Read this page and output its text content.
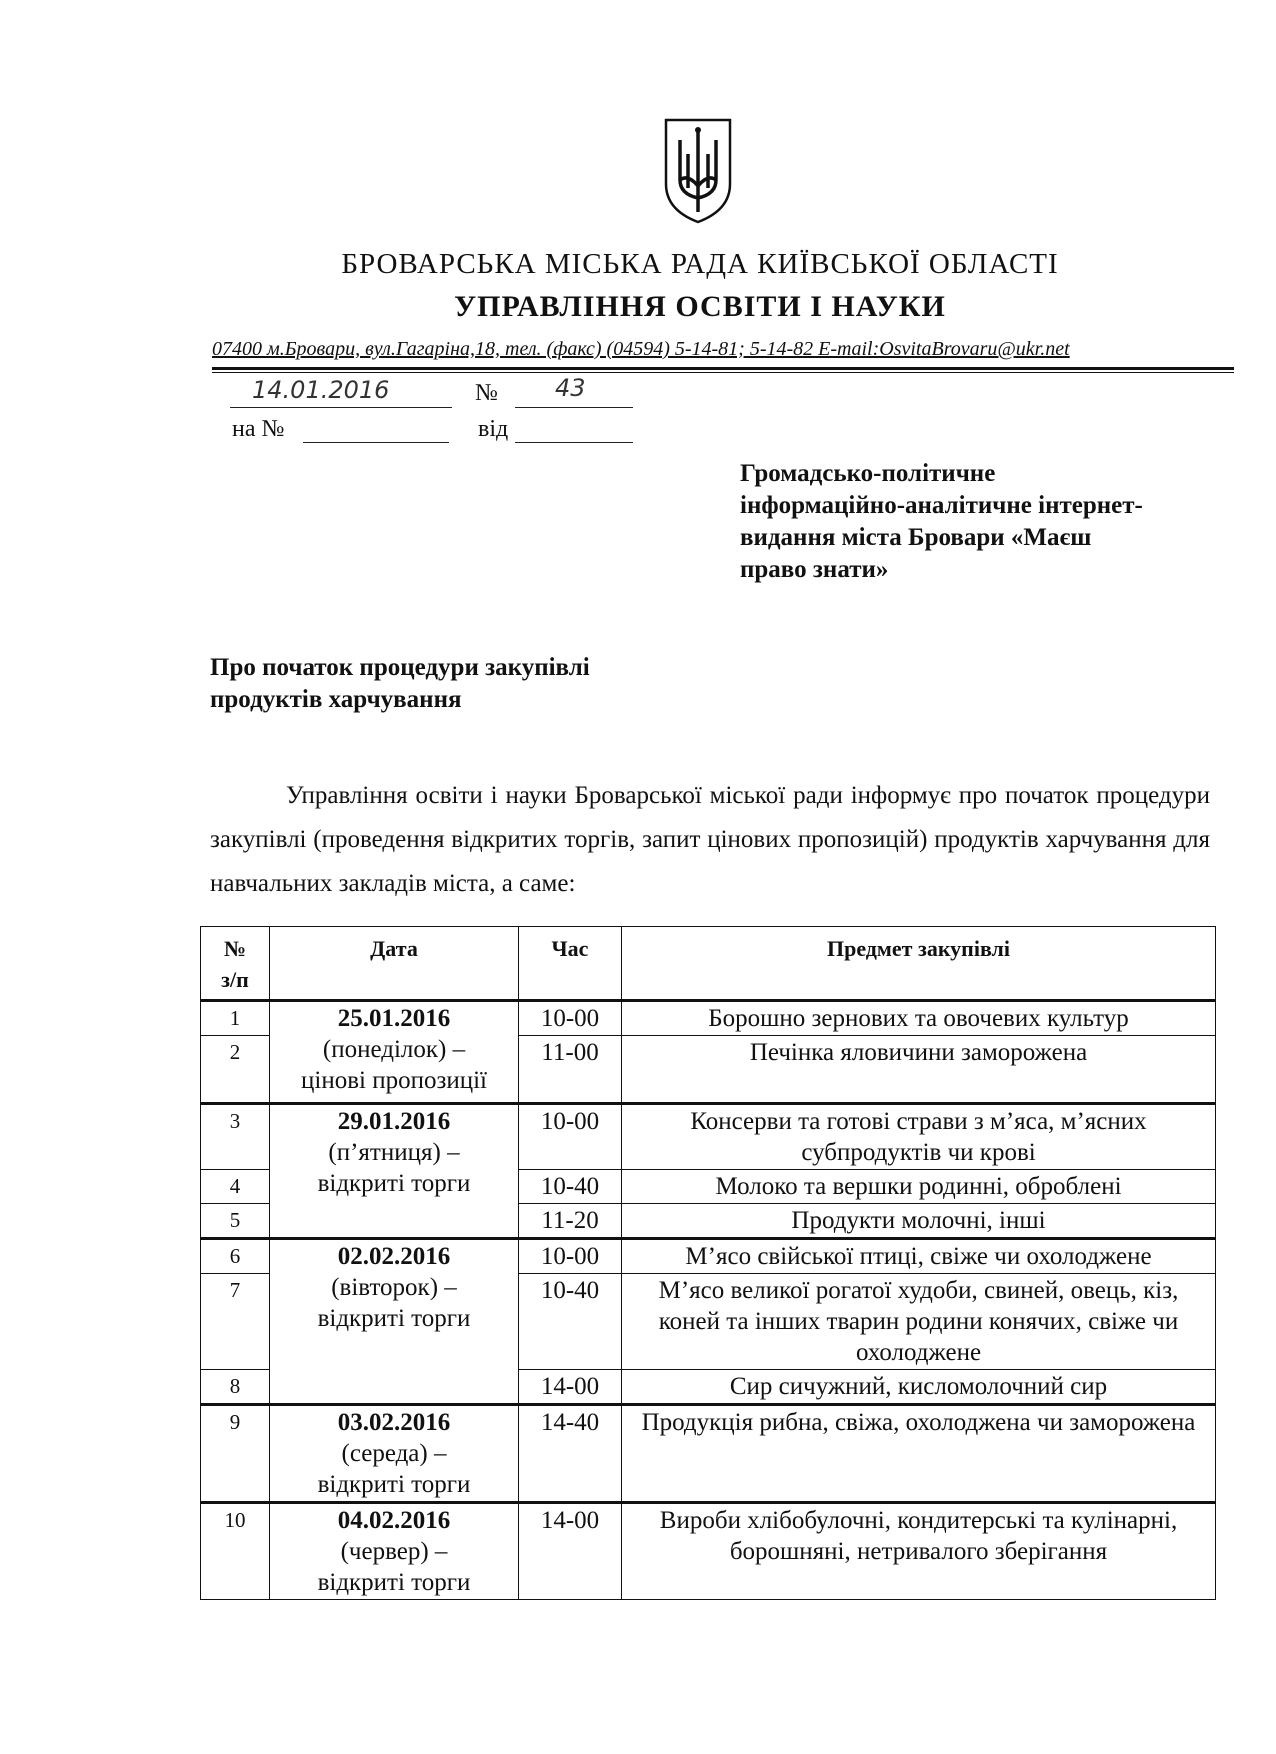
БРОВАРСЬКА МІСЬКА РАДА КИЇВСЬКОЇ ОБЛАСТІ
УПРАВЛІННЯ ОСВІТИ І НАУКИ
07400 м.Бровари, вул.Гагаріна,18, тел. (факс) (04594) 5-14-81; 5-14-82 E-mail:OsvitaBrovaru@ukr.net
14.01.2016	№ 43
на №	від
Громадсько-політичне
інформаційно-аналітичне інтернет-
видання міста Бровари «Маєш
право знати»
Про початок процедури закупівлі
продуктів харчування
Управління освіти і науки Броварської міської ради інформує про початок процедури закупівлі (проведення відкритих торгів, запит цінових пропозицій) продуктів харчування для навчальних закладів міста, а саме:
№
з/п	Дата	Час	Предмет закупівлі
1	25.01.2016
(понеділок) –
цінові пропозиції	10-00	Борошно зернових та овочевих культур
2		11-00	Печінка яловичини заморожена
3	29.01.2016
(п’ятниця) –
відкриті торги	10-00	Консерви та готові страви з м’яса, м’ясних субпродуктів чи крові
4		10-40	Молоко та вершки родинні, оброблені
5		11-20	Продукти молочні, інші
6	02.02.2016
(вівторок) –
відкриті торги	10-00	М’ясо свійської птиці, свіже чи охолоджене
7		10-40	М’ясо великої рогатої худоби, свиней, овець, кіз, коней та інших тварин родини конячих, свіже чи охолоджене
8		14-00	Сир сичужний, кисломолочний сир
9	03.02.2016
(середа) –
відкриті торги	14-40	Продукція рибна, свіжа, охолоджена чи заморожена
10	04.02.2016
(червер) –
відкриті торги	14-00	Вироби хлібобулочні, кондитерські та кулінарні, борошняні, нетривалого зберігання
